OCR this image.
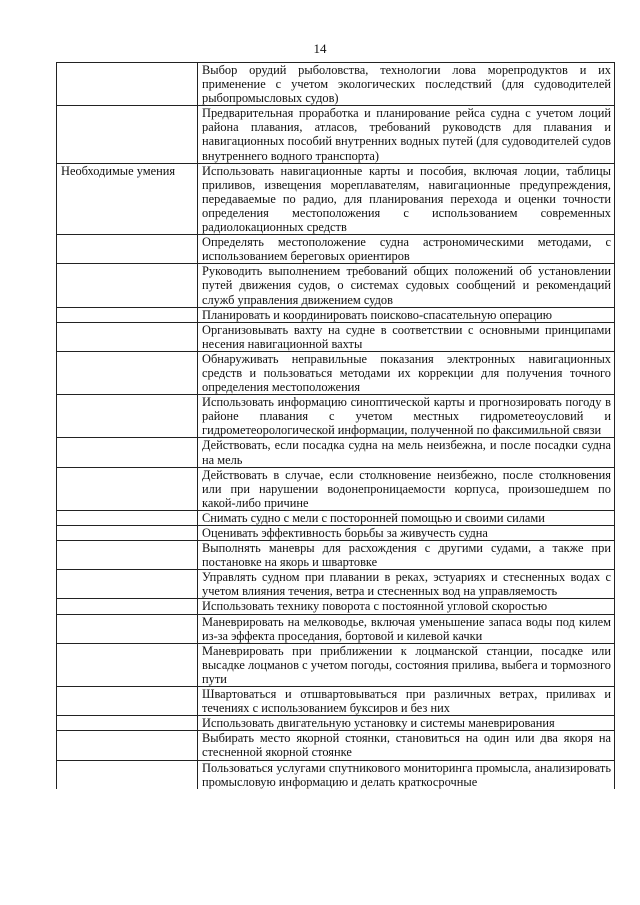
14
	Выбор орудий рыболовства, технологии лова морепродуктов и их применение с учетом экологических последствий (для судоводителей рыбопромысловых судов)
	Предварительная проработка и планирование рейса судна с учетом лоций района плавания, атласов, требований руководств для плавания и навигационных пособий внутренних водных путей (для судоводителей судов внутреннего водного транспорта)
Необходимые умения	Использовать навигационные карты и пособия, включая лоции, таблицы приливов, извещения мореплавателям, навигационные предупреждения, передаваемые по радио, для планирования перехода и оценки точности определения местоположения с использованием современных радиолокационных средств
	Определять местоположение судна астрономическими методами, с использованием береговых ориентиров
	Руководить выполнением требований общих положений об установлении путей движения судов, о системах судовых сообщений и рекомендаций служб управления движением судов
	Планировать и координировать поисково-спасательную операцию
	Организовывать вахту на судне в соответствии с основными принципами несения навигационной вахты
	Обнаруживать неправильные показания электронных навигационных средств и пользоваться методами их коррекции для получения точного определения местоположения
	Использовать информацию синоптической карты и прогнозировать погоду в районе плавания с учетом местных гидрометеоусловий и гидрометеорологической информации, полученной по факсимильной связи
	Действовать, если посадка судна на мель неизбежна, и после посадки судна на мель
	Действовать в случае, если столкновение неизбежно, после столкновения или при нарушении водонепроницаемости корпуса, произошедшем по какой-либо причине
	Снимать судно с мели с посторонней помощью и своими силами
	Оценивать эффективность борьбы за живучесть судна
	Выполнять маневры для расхождения с другими судами, а также при постановке на якорь и швартовке
	Управлять судном при плавании в реках, эстуариях и стесненных водах с учетом влияния течения, ветра и стесненных вод на управляемость
	Использовать технику поворота с постоянной угловой скоростью
	Маневрировать на мелководье, включая уменьшение запаса воды под килем из-за эффекта проседания, бортовой и килевой качки
	Маневрировать при приближении к лоцманской станции, посадке или высадке лоцманов с учетом погоды, состояния прилива, выбега и тормозного пути
	Швартоваться и отшвартовываться при различных ветрах, приливах и течениях с использованием буксиров и без них
	Использовать двигательную установку и системы маневрирования
	Выбирать место якорной стоянки, становиться на один или два якоря на стесненной якорной стоянке
	Пользоваться услугами спутникового мониторинга промысла, анализировать промысловую информацию и делать краткосрочные
